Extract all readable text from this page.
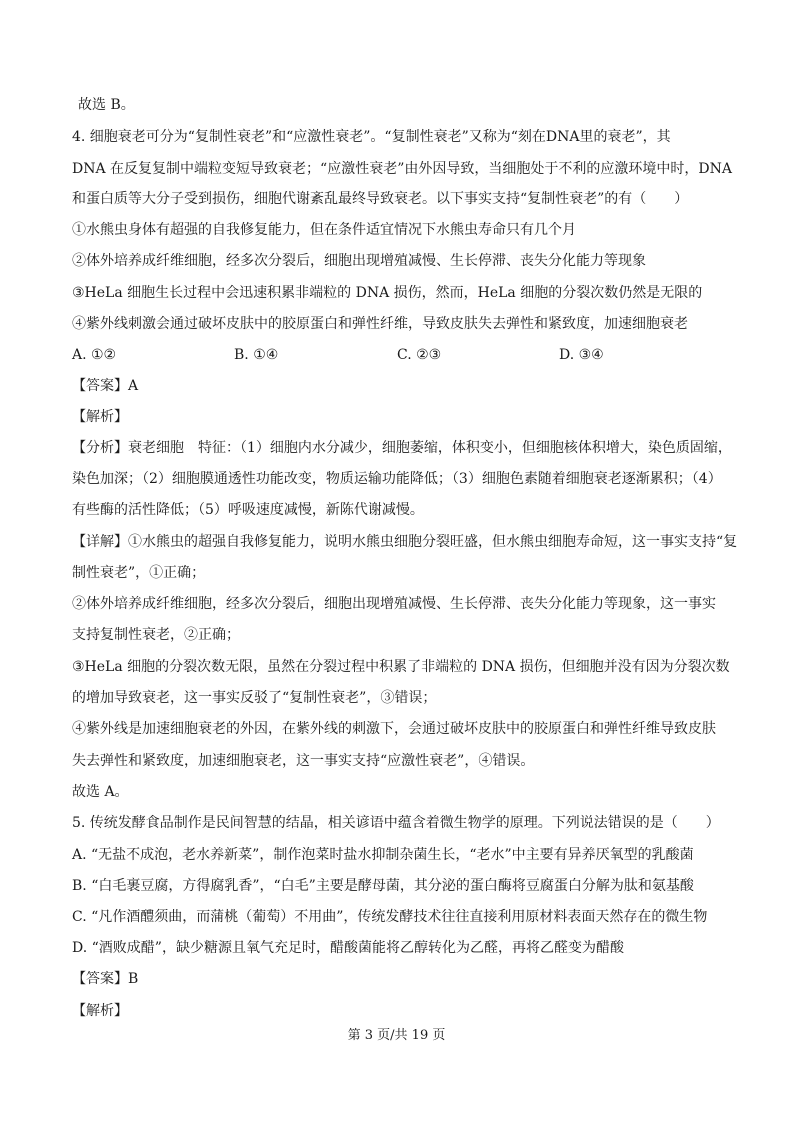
故选 B。
4. 细胞衰老可分为“复制性衰老”和“应激性衰老”。“复制性衰老”又称为“刻在DNA里的衰老”，其
DNA 在反复复制中端粒变短导致衰老；“应激性衰老”由外因导致，当细胞处于不利的应激环境中时，DNA
和蛋白质等大分子受到损伤，细胞代谢紊乱最终导致衰老。以下事实支持“复制性衰老”的有（　　）
①水熊虫身体有超强的自我修复能力，但在条件适宜情况下水熊虫寿命只有几个月
②体外培养成纤维细胞，经多次分裂后，细胞出现增殖减慢、生长停滞、丧失分化能力等现象
③HeLa 细胞生长过程中会迅速积累非端粒的 DNA 损伤，然而，HeLa 细胞的分裂次数仍然是无限的
④紫外线刺激会通过破坏皮肤中的胶原蛋白和弹性纤维，导致皮肤失去弹性和紧致度，加速细胞衰老
A. ①②	B. ①④	C. ②③	D. ③④
【答案】A
【解析】
【分析】衰老细胞　特征：（1）细胞内水分减少，细胞萎缩，体积变小，但细胞核体积增大，染色质固缩，
染色加深；（2）细胞膜通透性功能改变，物质运输功能降低；（3）细胞色素随着细胞衰老逐渐累积；（4）
有些酶的活性降低；（5）呼吸速度减慢，新陈代谢减慢。
【详解】①水熊虫的超强自我修复能力，说明水熊虫细胞分裂旺盛，但水熊虫细胞寿命短，这一事实支持“复
制性衰老”，①正确；
②体外培养成纤维细胞，经多次分裂后，细胞出现增殖减慢、生长停滞、丧失分化能力等现象，这一事实
支持复制性衰老，②正确；
③HeLa 细胞的分裂次数无限，虽然在分裂过程中积累了非端粒的 DNA 损伤，但细胞并没有因为分裂次数
的增加导致衰老，这一事实反驳了“复制性衰老”，③错误；
④紫外线是加速细胞衰老的外因，在紫外线的刺激下，会通过破坏皮肤中的胶原蛋白和弹性纤维导致皮肤
失去弹性和紧致度，加速细胞衰老，这一事实支持“应激性衰老”，④错误。
故选 A。
5. 传统发酵食品制作是民间智慧的结晶，相关谚语中蕴含着微生物学的原理。下列说法错误的是（　　）
A. “无盐不成泡，老水养新菜”，制作泡菜时盐水抑制杂菌生长，“老水”中主要有异养厌氧型的乳酸菌
B. “白毛裹豆腐，方得腐乳香”，“白毛”主要是酵母菌，其分泌的蛋白酶将豆腐蛋白分解为肽和氨基酸
C. “凡作酒醴须曲，而蒲桃（葡萄）不用曲”，传统发酵技术往往直接利用原材料表面天然存在的微生物
D. “酒败成醋”，缺少糖源且氧气充足时，醋酸菌能将乙醇转化为乙醛，再将乙醛变为醋酸
【答案】B
【解析】
第 3 页/共 19 页
